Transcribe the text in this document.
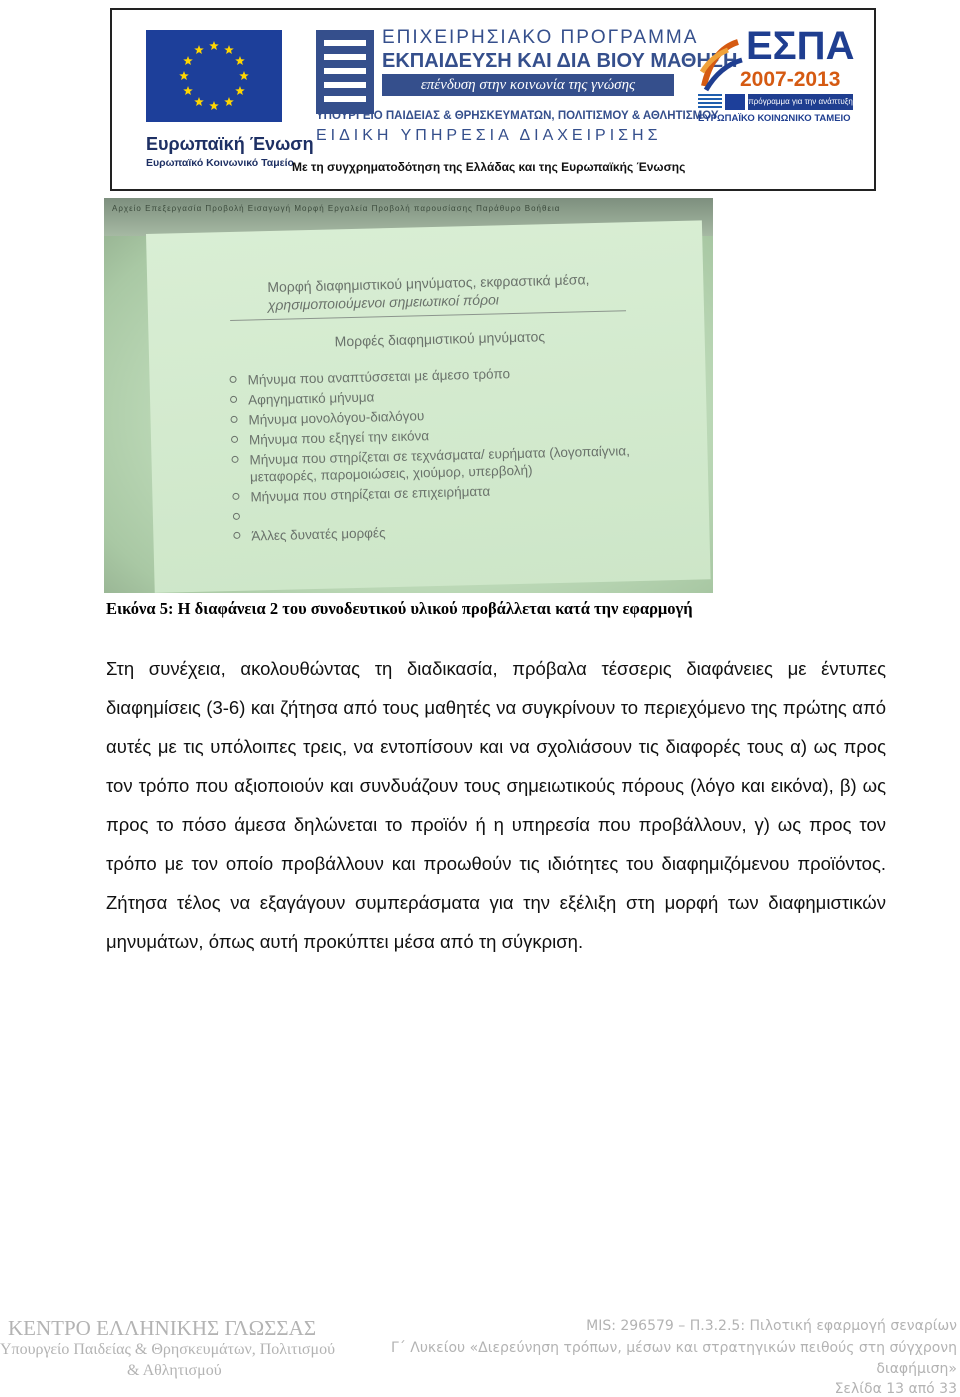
Ευρωπαϊκή Ένωση
Ευρωπαϊκό Κοινωνικό Ταμείο
ΕΠΙΧΕΙΡΗΣΙΑΚΟ ΠΡΟΓΡΑΜΜΑ
ΕΚΠΑΙΔΕΥΣΗ ΚΑΙ ΔΙΑ ΒΙΟΥ ΜΑΘΗΣΗ
επένδυση στην κοινωνία της γνώσης
ΥΠΟΥΡΓΕΙΟ ΠΑΙΔΕΙΑΣ & ΘΡΗΣΚΕΥΜΑΤΩΝ, ΠΟΛΙΤΙΣΜΟΥ & ΑΘΛΗΤΙΣΜΟΥ
ΕΙΔΙΚΗ ΥΠΗΡΕΣΙΑ ΔΙΑΧΕΙΡΙΣΗΣ
Με τη συγχρηματοδότηση της Ελλάδας και της Ευρωπαϊκής Ένωσης
ΕΣΠΑ
2007-2013
πρόγραμμα για την ανάπτυξη
ΕΥΡΩΠΑΪΚΟ ΚΟΙΝΩΝΙΚΟ ΤΑΜΕΙΟ
Αρχείο Επεξεργασία Προβολή Εισαγωγή Μορφή Εργαλεία Προβολή παρουσίασης Παράθυρο Βοήθεια
Μορφή διαφημιστικού μηνύματος, εκφραστικά μέσα,
χρησιμοποιούμενοι σημειωτικοί πόροι
Μορφές διαφημιστικού μηνύματος
Μήνυμα που αναπτύσσεται με άμεσο τρόπο
Αφηγηματικό μήνυμα
Μήνυμα μονολόγου-διαλόγου
Μήνυμα που εξηγεί την εικόνα
Μήνυμα που στηρίζεται σε τεχνάσματα/ ευρήματα (λογοπαίγνια, μεταφορές, παρομοιώσεις, χιούμορ, υπερβολή)
Μήνυμα που στηρίζεται σε επιχειρήματα
Άλλες δυνατές μορφές
Εικόνα 5: Η διαφάνεια 2 του συνοδευτικού υλικού προβάλλεται κατά την εφαρμογή

Στη συνέχεια, ακολουθώντας τη διαδικασία, πρόβαλα τέσσερις διαφάνειες με έντυπες διαφημίσεις (3-6) και ζήτησα από τους μαθητές να συγκρίνουν το περιεχόμενο της πρώτης από αυτές με τις υπόλοιπες τρεις, να εντοπίσουν και να σχολιάσουν τις διαφορές τους α) ως προς τον τρόπο που αξιοποιούν και συνδυάζουν τους σημειωτικούς πόρους (λόγο και εικόνα), β) ως προς το πόσο άμεσα δηλώνεται το προϊόν ή η υπηρεσία που προβάλλουν, γ) ως προς τον τρόπο με τον οποίο προβάλλουν και προωθούν τις ιδιότητες του διαφημιζόμενου προϊόντος. Ζήτησα τέλος να εξαγάγουν συμπεράσματα για την εξέλιξη στη μορφή των διαφημιστικών μηνυμάτων, όπως αυτή προκύπτει μέσα από τη σύγκριση.

ΚΕΝΤΡΟ ΕΛΛΗΝΙΚΗΣ ΓΛΩΣΣΑΣ
Υπουργείο Παιδείας & Θρησκευμάτων, Πολιτισμού
& Αθλητισμού
MIS: 296579 – Π.3.2.5: Πιλοτική εφαρμογή σεναρίων
Γ΄ Λυκείου «Διερεύνηση τρόπων, μέσων και στρατηγικών πειθούς στη σύγχρονη
διαφήμιση»
Σελίδα 13 από 33
